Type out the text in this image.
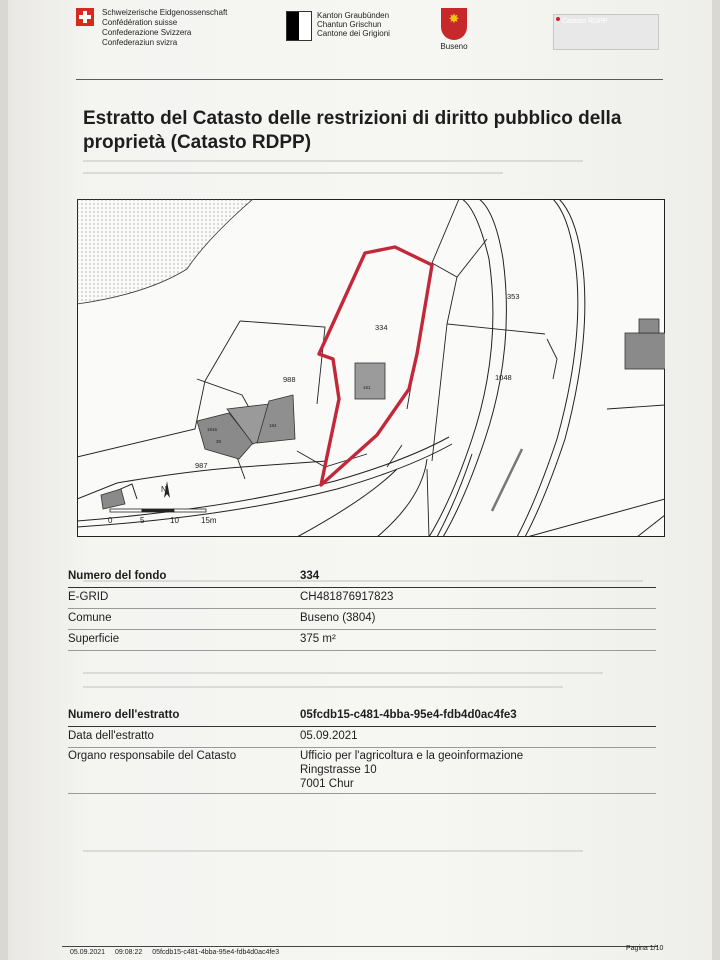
Schweizerische Eidgenossenschaft
Confédération suisse
Confederazione Svizzera
Confederaziun svizra
Kanton Graubünden
Chantun Grischun
Cantone dei Grigioni
✸
Buseno
Catasto RDPP
Estratto del Catasto delle restrizioni di diritto pubblico della proprietà (Catasto RDPP)
334
988	1048
353
987
161
38
184
1916
N
0	5	10	15m
Numero del fondo	334
E-GRID	CH481876917823
Comune	Buseno (3804)
Superficie	375 m²
Numero dell'estratto	05fcdb15-c481-4bba-95e4-fdb4d0ac4fe3
Data dell'estratto	05.09.2021
Organo responsabile del Catasto	Ufficio per l'agricoltura e la geoinformazione
Ringstrasse 10
7001 Chur
05.09.2021 09:08:22 05fcdb15-c481-4bba-95e4-fdb4d0ac4fe3
Pagina 1/10
